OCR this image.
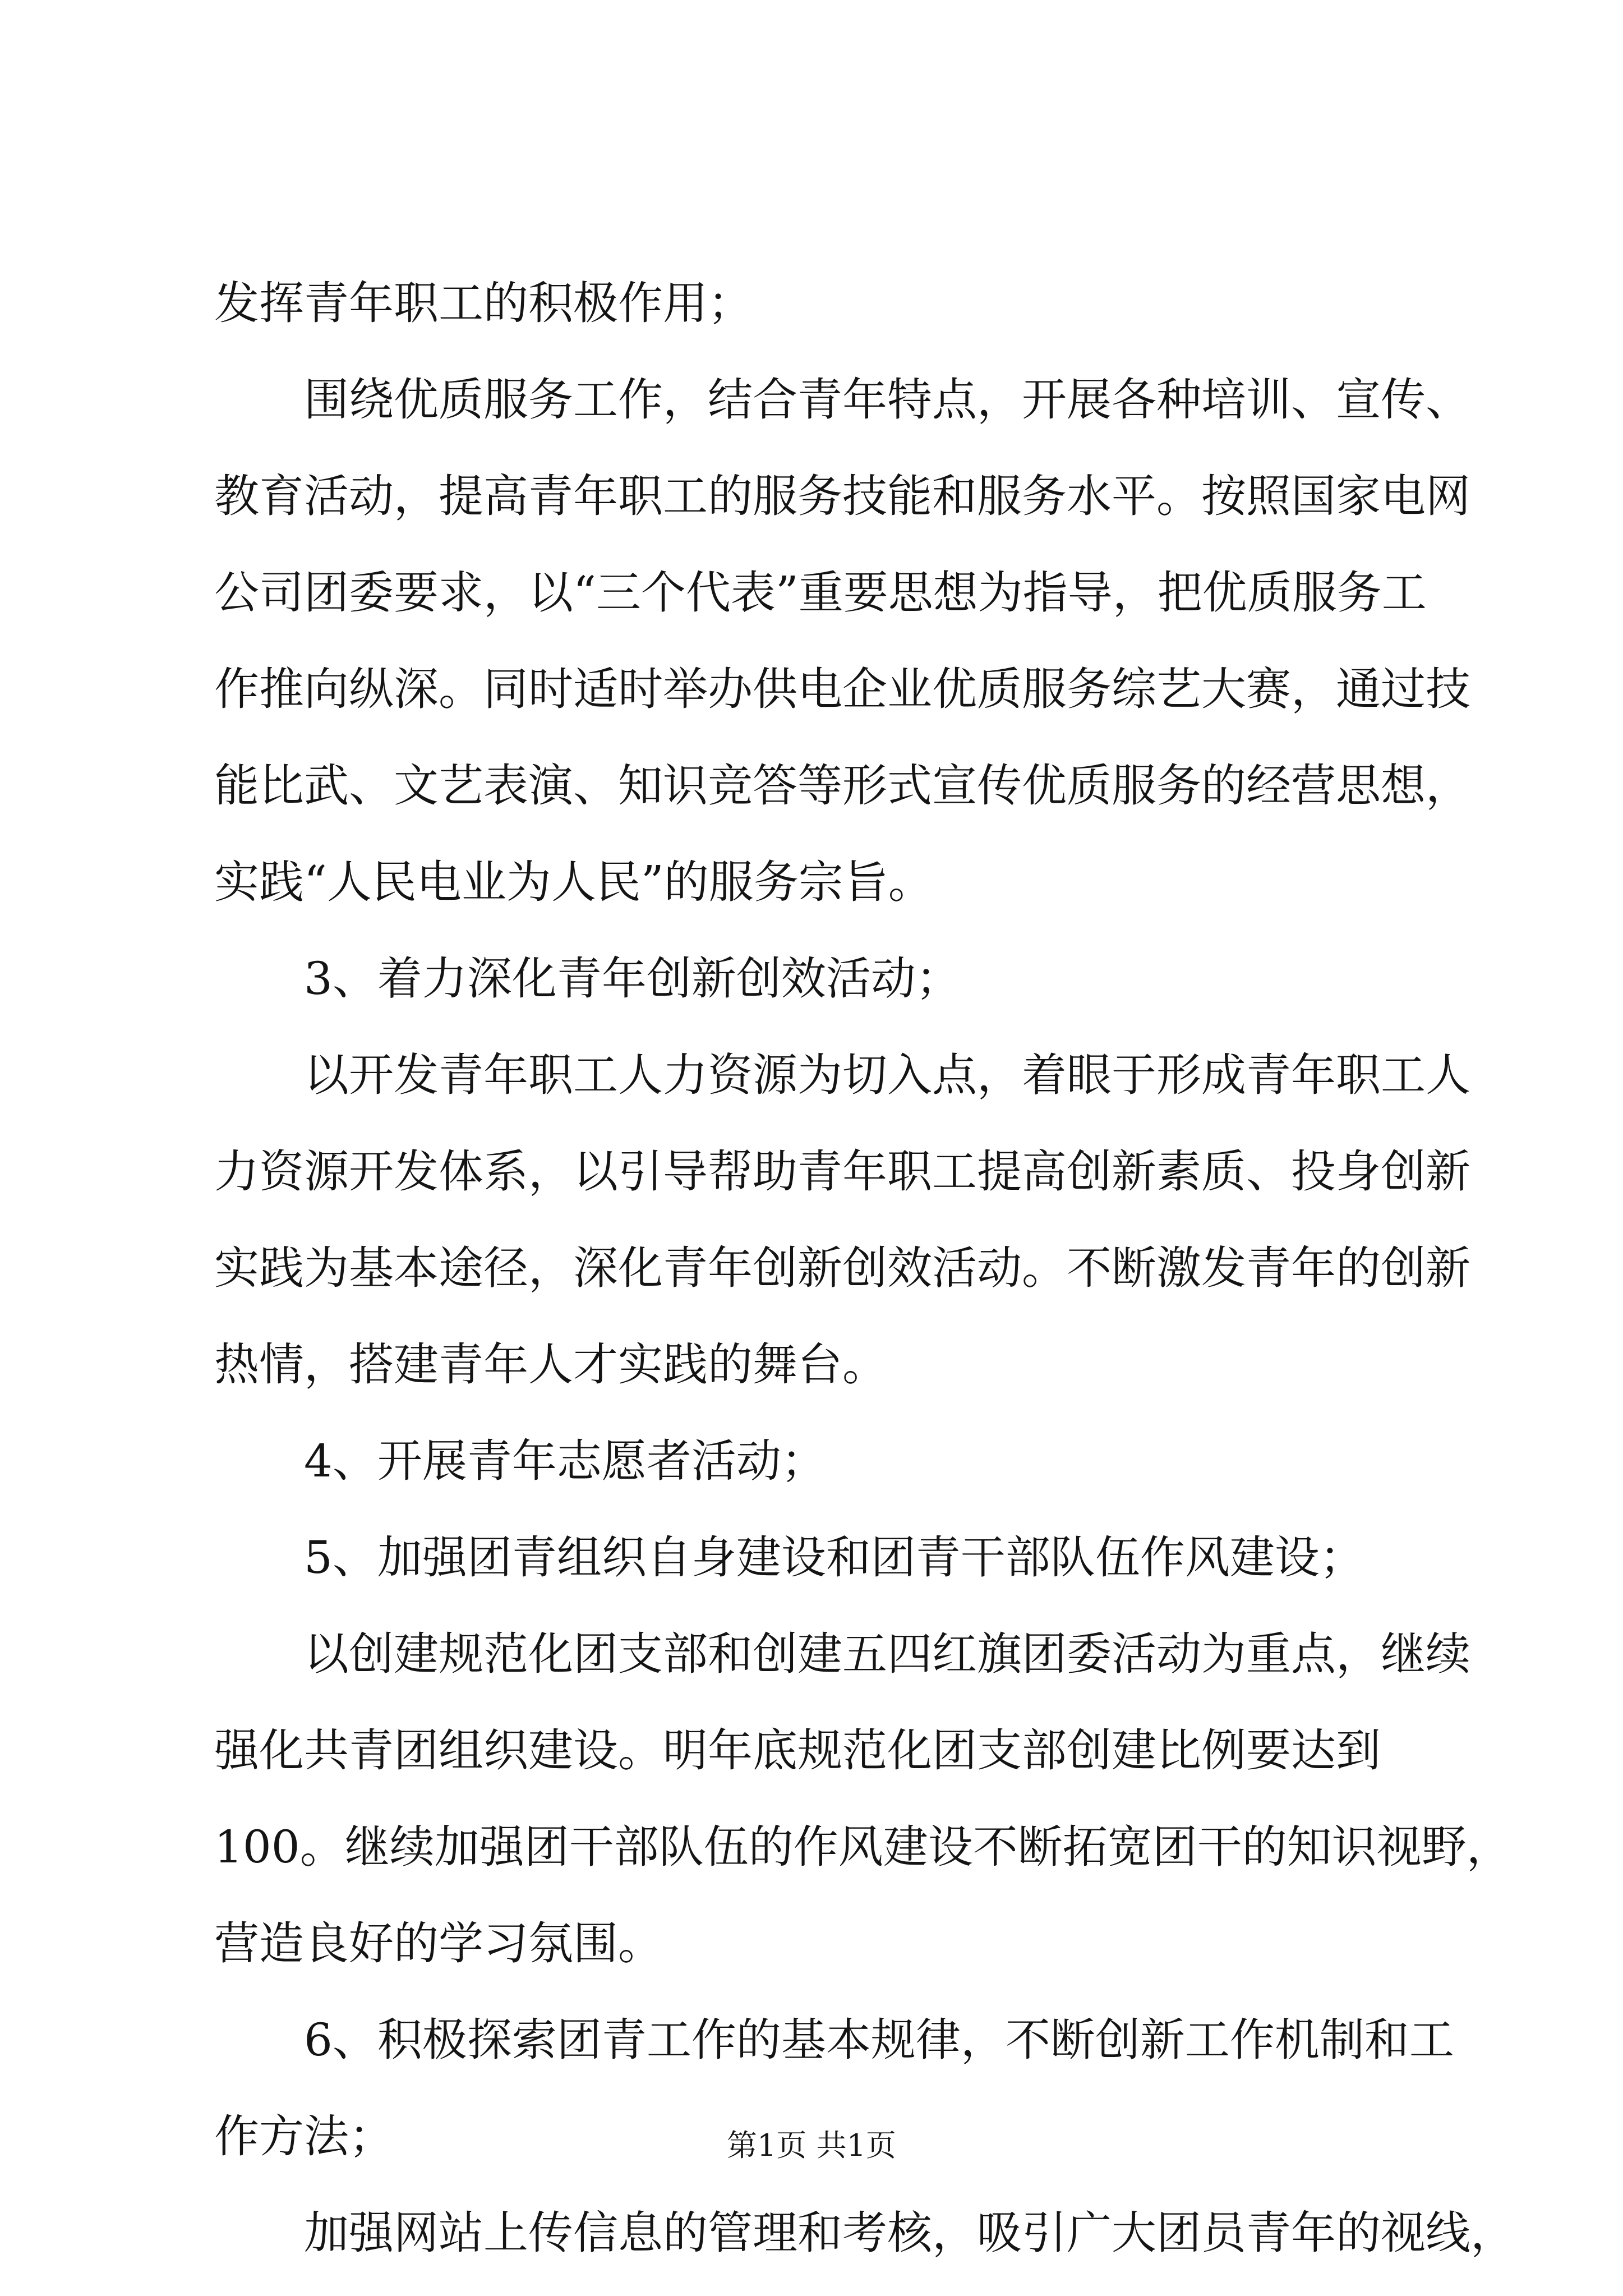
发挥青年职工的积极作用；
围绕优质服务工作，结合青年特点，开展各种培训、宣传、
教育活动，提高青年职工的服务技能和服务水平。按照国家电网
公司团委要求，以“三个代表”重要思想为指导，把优质服务工
作推向纵深。同时适时举办供电企业优质服务综艺大赛，通过技
能比武、文艺表演、知识竞答等形式宣传优质服务的经营思想，
实践“人民电业为人民”的服务宗旨。
3、着力深化青年创新创效活动；
以开发青年职工人力资源为切入点，着眼于形成青年职工人
力资源开发体系，以引导帮助青年职工提高创新素质、投身创新
实践为基本途径，深化青年创新创效活动。不断激发青年的创新
热情，搭建青年人才实践的舞台。
4、开展青年志愿者活动；
5、加强团青组织自身建设和团青干部队伍作风建设；
以创建规范化团支部和创建五四红旗团委活动为重点，继续
强化共青团组织建设。明年底规范化团支部创建比例要达到
100。继续加强团干部队伍的作风建设不断拓宽团干的知识视野，
营造良好的学习氛围。
6、积极探索团青工作的基本规律，不断创新工作机制和工
作方法；
加强网站上传信息的管理和考核，吸引广大团员青年的视线，
第1页 共1页
